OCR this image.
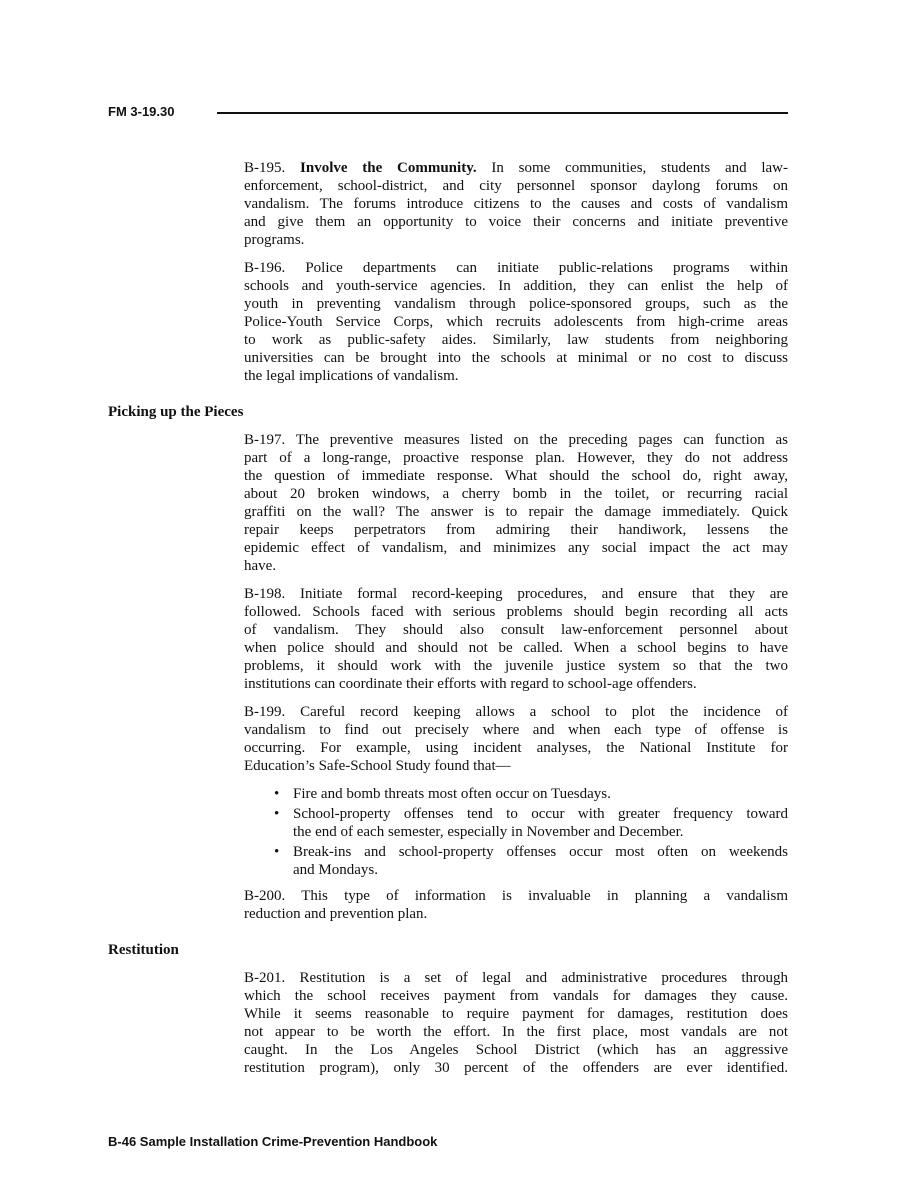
FM 3-19.30
B-195. Involve the Community. In some communities, students and law-
enforcement, school-district, and city personnel sponsor daylong forums on
vandalism. The forums introduce citizens to the causes and costs of vandalism
and give them an opportunity to voice their concerns and initiate preventive
programs.
B-196. Police departments can initiate public-relations programs within
schools and youth-service agencies. In addition, they can enlist the help of
youth in preventing vandalism through police-sponsored groups, such as the
Police-Youth Service Corps, which recruits adolescents from high-crime areas
to work as public-safety aides. Similarly, law students from neighboring
universities can be brought into the schools at minimal or no cost to discuss
the legal implications of vandalism.
Picking up the Pieces
B-197. The preventive measures listed on the preceding pages can function as
part of a long-range, proactive response plan. However, they do not address
the question of immediate response. What should the school do, right away,
about 20 broken windows, a cherry bomb in the toilet, or recurring racial
graffiti on the wall? The answer is to repair the damage immediately. Quick
repair keeps perpetrators from admiring their handiwork, lessens the
epidemic effect of vandalism, and minimizes any social impact the act may
have.
B-198. Initiate formal record-keeping procedures, and ensure that they are
followed. Schools faced with serious problems should begin recording all acts
of vandalism. They should also consult law-enforcement personnel about
when police should and should not be called. When a school begins to have
problems, it should work with the juvenile justice system so that the two
institutions can coordinate their efforts with regard to school-age offenders.
B-199. Careful record keeping allows a school to plot the incidence of
vandalism to find out precisely where and when each type of offense is
occurring. For example, using incident analyses, the National Institute for
Education’s Safe-School Study found that—
• Fire and bomb threats most often occur on Tuesdays.
• School-property offenses tend to occur with greater frequency toward
the end of each semester, especially in November and December.
• Break-ins and school-property offenses occur most often on weekends
and Mondays.
B-200. This type of information is invaluable in planning a vandalism
reduction and prevention plan.
Restitution
B-201. Restitution is a set of legal and administrative procedures through
which the school receives payment from vandals for damages they cause.
While it seems reasonable to require payment for damages, restitution does
not appear to be worth the effort. In the first place, most vandals are not
caught. In the Los Angeles School District (which has an aggressive
restitution program), only 30 percent of the offenders are ever identified.
B-46 Sample Installation Crime-Prevention Handbook
